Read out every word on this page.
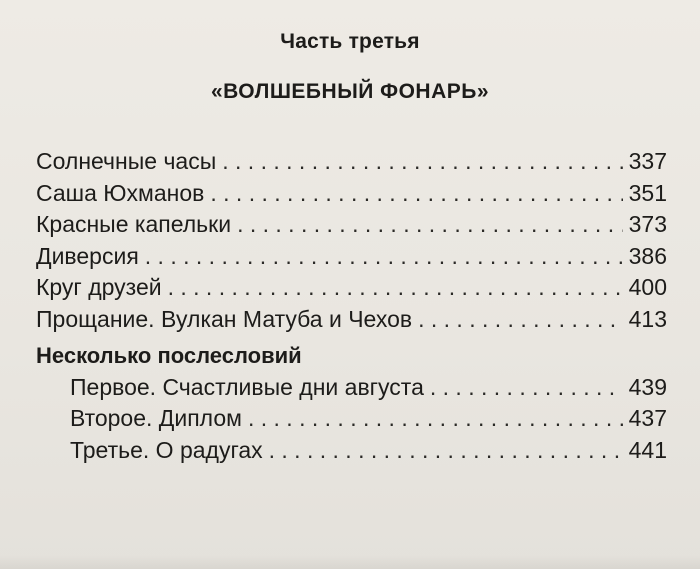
Часть третья
«ВОЛШЕБНЫЙ ФОНАРЬ»
Солнечные часы . . .	337
Саша Юхманов . . .	351
Красные капельки . . .	373
Диверсия . . .	386
Круг друзей . . .	400
Прощание. Вулкан Матуба и Чехов . . .	413
Несколько послесловий
Первое. Счастливые дни августа . . .	439
Второе. Диплом . . .	437
Третье. О радугах . . .	441
